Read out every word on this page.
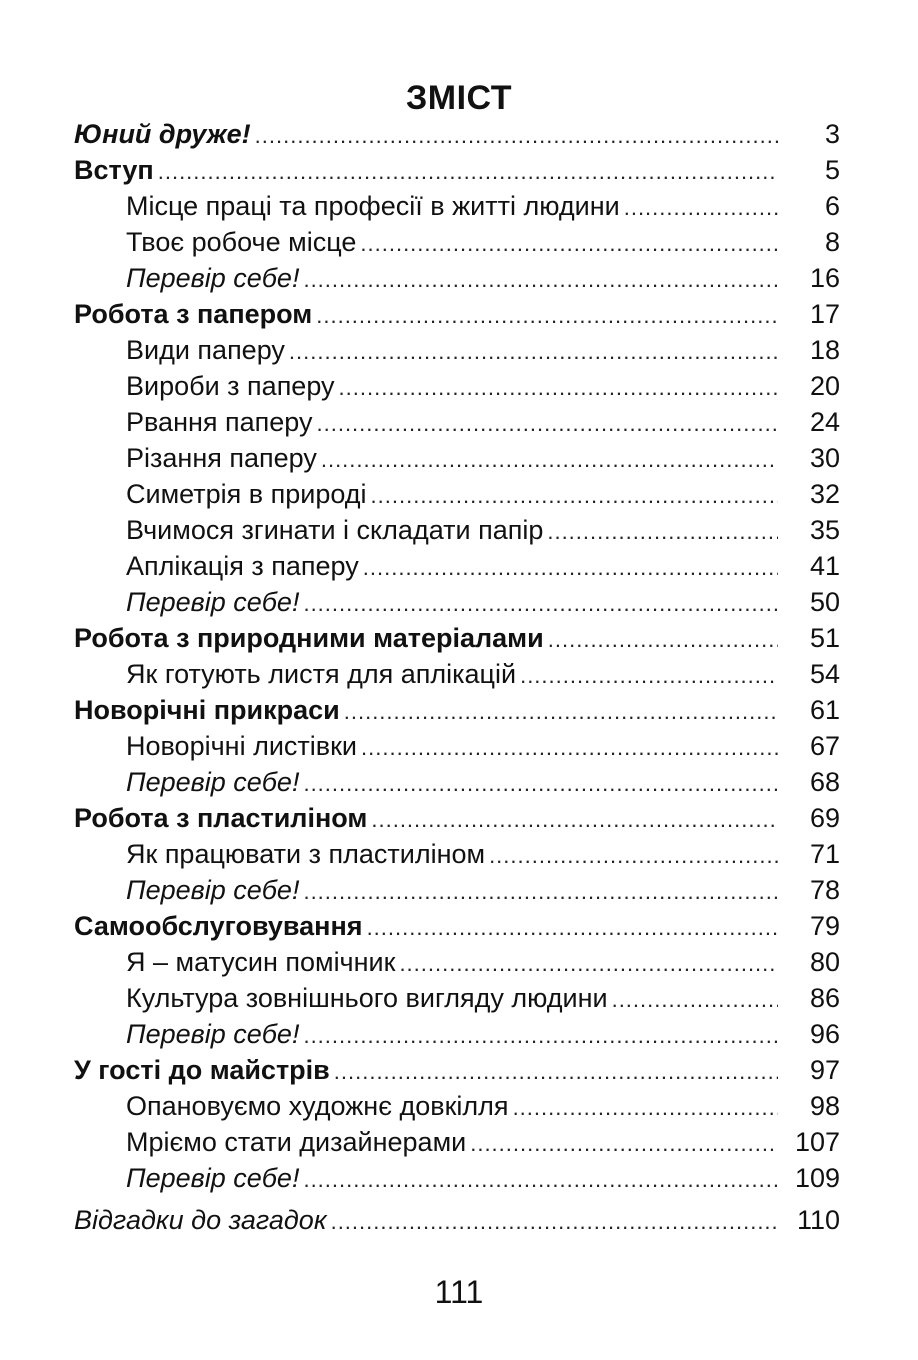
ЗМІСТ
Юний друже! .....	3
Вступ .....	5
Місце праці та професії в житті людини .....	6
Твоє робоче місце .....	8
Перевір себе! .....	16
Робота з папером .....	17
Види паперу .....	18
Вироби з паперу .....	20
Рвання паперу .....	24
Різання паперу .....	30
Симетрія в природі .....	32
Вчимося згинати і складати папір .....	35
Аплікація з паперу .....	41
Перевір себе! .....	50
Робота з природними матеріалами .....	51
Як готують листя для аплікацій .....	54
Новорічні прикраси .....	61
Новорічні листівки .....	67
Перевір себе! .....	68
Робота з пластиліном .....	69
Як працювати з пластиліном .....	71
Перевір себе! .....	78
Самообслуговування .....	79
Я – матусин помічник .....	80
Культура зовнішнього вигляду людини .....	86
Перевір себе! .....	96
У гості до майстрів .....	97
Опановуємо художнє довкілля .....	98
Мріємо стати дизайнерами .....	107
Перевір себе! .....	109
Відгадки до загадок .....	110
111
